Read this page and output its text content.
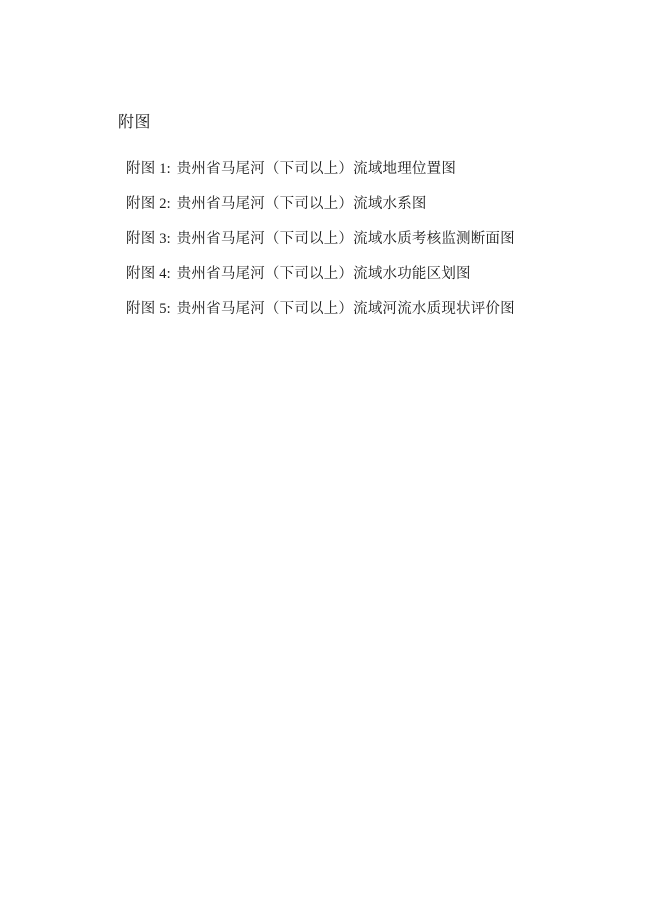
附图
附图 1: 贵州省马尾河（下司以上）流域地理位置图
附图 2: 贵州省马尾河（下司以上）流域水系图
附图 3: 贵州省马尾河（下司以上）流域水质考核监测断面图
附图 4: 贵州省马尾河（下司以上）流域水功能区划图
附图 5: 贵州省马尾河（下司以上）流域河流水质现状评价图
